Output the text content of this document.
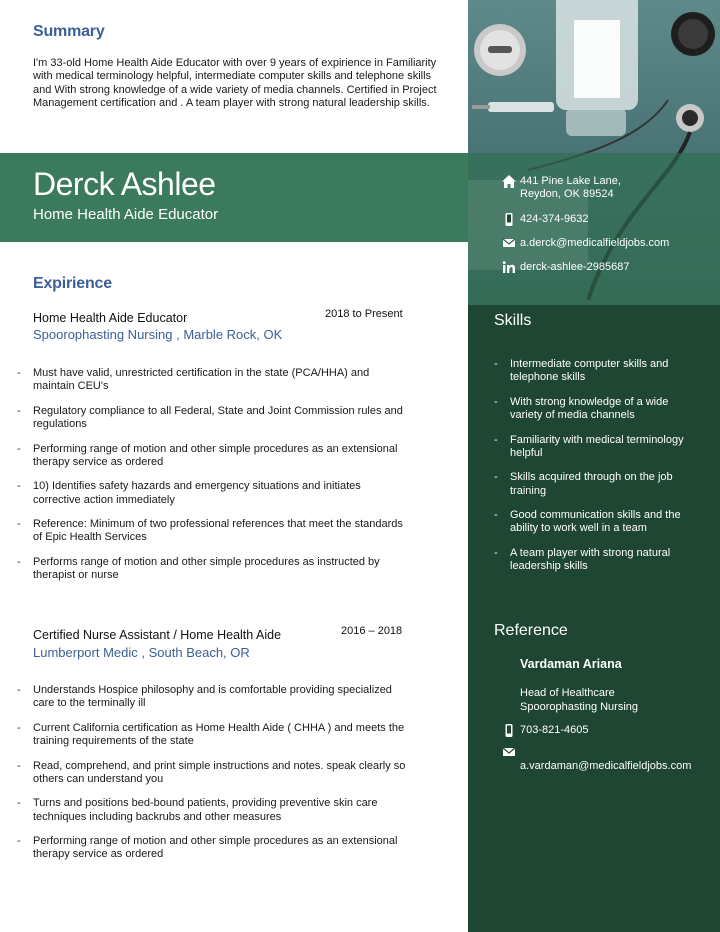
Summary
I'm 33-old Home Health Aide Educator with over 9 years of expirience in Familiarity with medical terminology helpful, intermediate computer skills and telephone skills and With strong knowledge of a wide variety of media channels. Certified in Project Management certification and . A team player with strong natural leadership skills.
Derck Ashlee
Home Health Aide Educator
441 Pine Lake Lane,
Reydon, OK 89524
424-374-9632
a.derck@medicalfieldjobs.com
derck-ashlee-2985687
Expirience
Home Health Aide Educator	2018 to Present
Spoorophasting Nursing , Marble Rock, OK
- Must have valid, unrestricted certification in the state (PCA/HHA) and maintain CEU's
- Regulatory compliance to all Federal, State and Joint Commission rules and regulations
- Performing range of motion and other simple procedures as an extensional therapy service as ordered
- 10) Identifies safety hazards and emergency situations and initiates corrective action immediately
- Reference: Minimum of two professional references that meet the standards of Epic Health Services
- Performs range of motion and other simple procedures as instructed by therapist or nurse
Certified Nurse Assistant / Home Health Aide	2016 – 2018
Lumberport Medic , South Beach, OR
- Understands Hospice philosophy and is comfortable providing specialized care to the terminally ill
- Current California certification as Home Health Aide ( CHHA ) and meets the training requirements of the state
- Read, comprehend, and print simple instructions and notes. speak clearly so others can understand you
- Turns and positions bed-bound patients, providing preventive skin care techniques including backrubs and other measures
- Performing range of motion and other simple procedures as an extensional therapy service as ordered
Skills
- Intermediate computer skills and telephone skills
- With strong knowledge of a wide variety of media channels
- Familiarity with medical terminology helpful
- Skills acquired through on the job training
- Good communication skills and the ability to work well in a team
- A team player with strong natural leadership skills
Reference
Vardaman Ariana
Head of Healthcare
Spoorophasting Nursing
703-821-4605
a.vardaman@medicalfieldjobs.com
